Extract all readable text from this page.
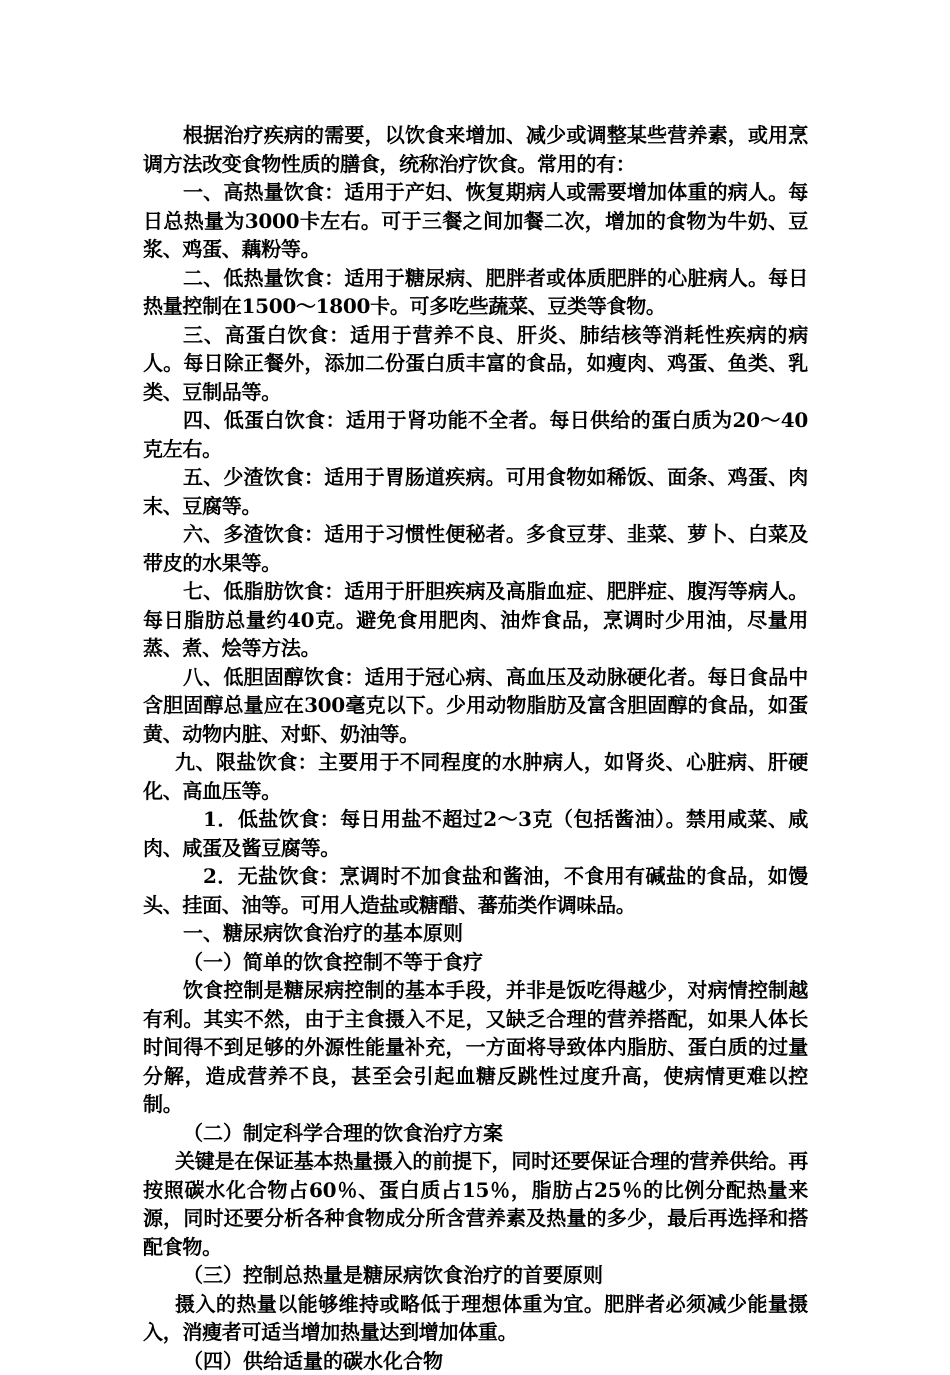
根据治疗疾病的需要，以饮食来增加、减少或调整某些营养素，或用烹调方法改变食物性质的膳食，统称治疗饮食。常用的有：

一、高热量饮食：适用于产妇、恢复期病人或需要增加体重的病人。每日总热量为3000卡左右。可于三餐之间加餐二次，增加的食物为牛奶、豆浆、鸡蛋、藕粉等。

二、低热量饮食：适用于糖尿病、肥胖者或体质肥胖的心脏病人。每日热量控制在1500～1800卡。可多吃些蔬菜、豆类等食物。

三、高蛋白饮食：适用于营养不良、肝炎、肺结核等消耗性疾病的病人。每日除正餐外，添加二份蛋白质丰富的食品，如瘦肉、鸡蛋、鱼类、乳类、豆制品等。

四、低蛋白饮食：适用于肾功能不全者。每日供给的蛋白质为20～40克左右。

五、少渣饮食：适用于胃肠道疾病。可用食物如稀饭、面条、鸡蛋、肉末、豆腐等。

六、多渣饮食：适用于习惯性便秘者。多食豆芽、韭菜、萝卜、白菜及带皮的水果等。

七、低脂肪饮食：适用于肝胆疾病及高脂血症、肥胖症、腹泻等病人。每日脂肪总量约40克。避免食用肥肉、油炸食品，烹调时少用油，尽量用蒸、煮、烩等方法。

八、低胆固醇饮食：适用于冠心病、高血压及动脉硬化者。每日食品中含胆固醇总量应在300毫克以下。少用动物脂肪及富含胆固醇的食品，如蛋黄、动物内脏、对虾、奶油等。

九、限盐饮食：主要用于不同程度的水肿病人，如肾炎、心脏病、肝硬化、高血压等。

1．低盐饮食：每日用盐不超过2～3克（包括酱油）。禁用咸菜、咸肉、咸蛋及酱豆腐等。

2．无盐饮食：烹调时不加食盐和酱油，不食用有碱盐的食品，如馒头、挂面、油等。可用人造盐或糖醋、蕃茄类作调味品。

一、糖尿病饮食治疗的基本原则

（一）简单的饮食控制不等于食疗

饮食控制是糖尿病控制的基本手段，并非是饭吃得越少，对病情控制越有利。其实不然，由于主食摄入不足，又缺乏合理的营养搭配，如果人体长时间得不到足够的外源性能量补充，一方面将导致体内脂肪、蛋白质的过量分解，造成营养不良，甚至会引起血糖反跳性过度升高，使病情更难以控制。

（二）制定科学合理的饮食治疗方案

关键是在保证基本热量摄入的前提下，同时还要保证合理的营养供给。再按照碳水化合物占60％、蛋白质占15％，脂肪占25％的比例分配热量来源，同时还要分析各种食物成分所含营养素及热量的多少，最后再选择和搭配食物。

（三）控制总热量是糖尿病饮食治疗的首要原则

摄入的热量以能够维持或略低于理想体重为宜。肥胖者必须减少能量摄入，消瘦者可适当增加热量达到增加体重。

（四）供给适量的碳水化合物
